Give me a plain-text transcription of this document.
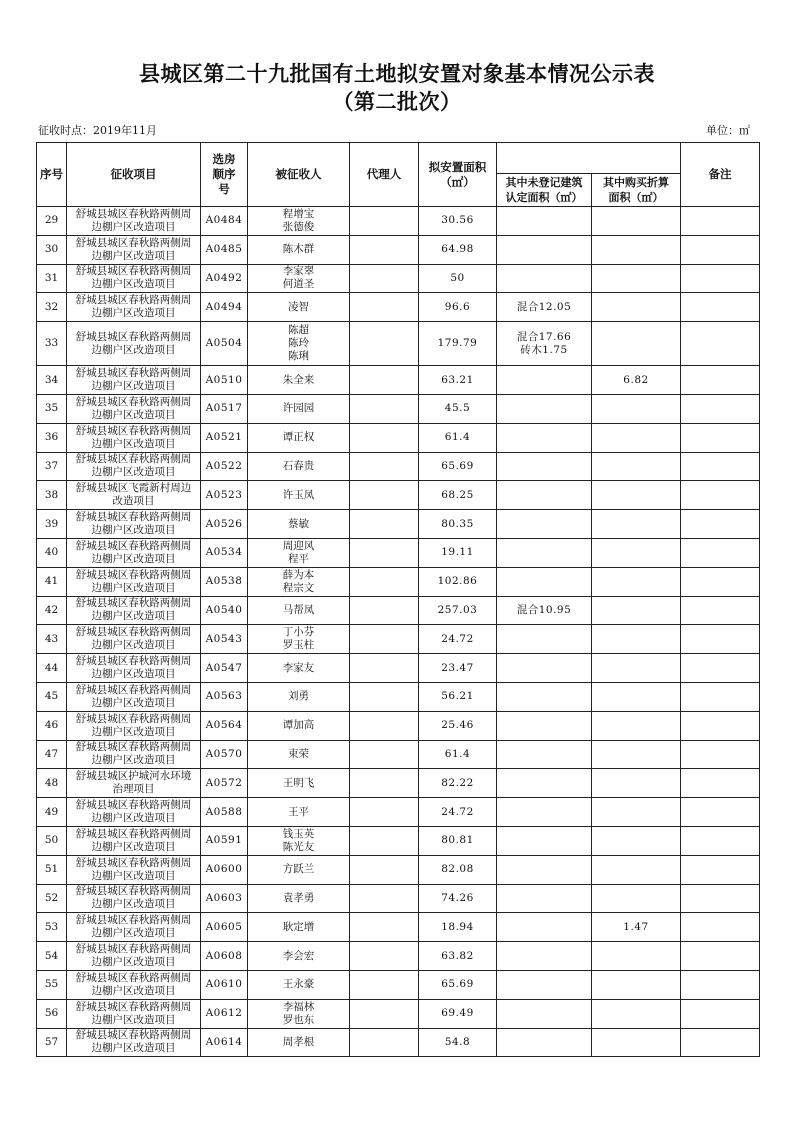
县城区第二十九批国有土地拟安置对象基本情况公示表
（第二批次）
征收时点：2019年11月	单位：㎡
序号	征收项目	选房顺序号	被征收人	代理人	拟安置面积（㎡）			备注
						其中未登记建筑认定面积（㎡）	其中购买折算面积（㎡）	
29	舒城县城区春秋路两侧周
边棚户区改造项目	A0484	程增宝
张德俊		30.56			
30	舒城县城区春秋路两侧周
边棚户区改造项目	A0485	陈木群		64.98			
31	舒城县城区春秋路两侧周
边棚户区改造项目	A0492	李家翠
何道圣		50			
32	舒城县城区春秋路两侧周
边棚户区改造项目	A0494	凌智		96.6	混合12.05		

33	舒城县城区春秋路两侧周
边棚户区改造项目	A0504	陈超
陈玲
陈琍		179.79	混合17.66
砖木1.75		

34	舒城县城区春秋路两侧周
边棚户区改造项目	A0510	朱全来		63.21		6.82	
35	舒城县城区春秋路两侧周
边棚户区改造项目	A0517	许园园		45.5			
36	舒城县城区春秋路两侧周
边棚户区改造项目	A0521	谭正权		61.4			
37	舒城县城区春秋路两侧周
边棚户区改造项目	A0522	石春贵		65.69			
38	舒城县城区飞霞新村周边
改造项目	A0523	许玉凤		68.25			
39	舒城县城区春秋路两侧周
边棚户区改造项目	A0526	蔡敏		80.35			
40	舒城县城区春秋路两侧周
边棚户区改造项目	A0534	周迎风
程平		19.11			
41	舒城县城区春秋路两侧周
边棚户区改造项目	A0538	薛为本
程宗文		102.86			
42	舒城县城区春秋路两侧周
边棚户区改造项目	A0540	马帮凤		257.03	混合10.95		

43	舒城县城区春秋路两侧周
边棚户区改造项目	A0543	丁小芬
罗玉柱		24.72			
44	舒城县城区春秋路两侧周
边棚户区改造项目	A0547	李家友		23.47			
45	舒城县城区春秋路两侧周
边棚户区改造项目	A0563	刘勇		56.21			
46	舒城县城区春秋路两侧周
边棚户区改造项目	A0564	谭加高		25.46			
47	舒城县城区春秋路两侧周
边棚户区改造项目	A0570	束荣		61.4			
48	舒城县城区护城河水环境
治理项目	A0572	王明飞		82.22			
49	舒城县城区春秋路两侧周
边棚户区改造项目	A0588	王平		24.72			
50	舒城县城区春秋路两侧周
边棚户区改造项目	A0591	钱玉英
陈光友		80.81			
51	舒城县城区春秋路两侧周
边棚户区改造项目	A0600	方跃兰		82.08			
52	舒城县城区春秋路两侧周
边棚户区改造项目	A0603	袁孝勇		74.26			
53	舒城县城区春秋路两侧周
边棚户区改造项目	A0605	耿定增		18.94		1.47	
54	舒城县城区春秋路两侧周
边棚户区改造项目	A0608	李会宏		63.82			
55	舒城县城区春秋路两侧周
边棚户区改造项目	A0610	王永豪		65.69			
56	舒城县城区春秋路两侧周
边棚户区改造项目	A0612	李福林
罗也东		69.49			
57	舒城县城区春秋路两侧周
边棚户区改造项目	A0614	周孝根		54.8			
